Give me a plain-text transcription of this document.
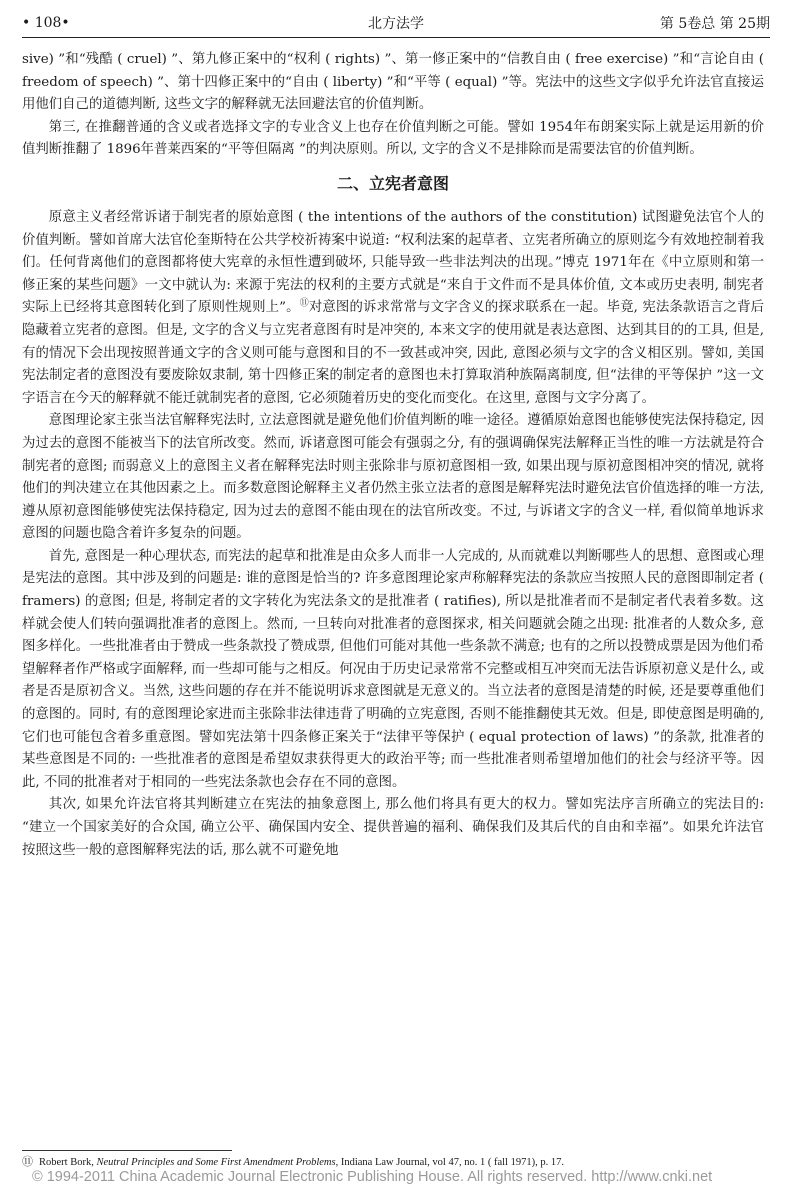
• 108•	北方法学	第 5卷总 第 25期

sive) ”和“残酷 ( cruel) ”、第九修正案中的“权利 ( rights) ”、第一修正案中的“信教自由 ( free exercise) ”和“言论自由 ( freedom of speech) ”、第十四修正案中的“自由 ( liberty) ”和“平等 ( equal) ”等。宪法中的这些文字似乎允许法官直接运用他们自己的道德判断, 这些文字的解释就无法回避法官的价值判断。

第三, 在推翻普通的含义或者选择文字的专业含义上也存在价值判断之可能。譬如 1954年布朗案实际上就是运用新的价值判断推翻了 1896年普莱西案的“平等但隔离 ”的判决原则。所以, 文字的含义不是排除而是需要法官的价值判断。

二、立宪者意图

原意主义者经常诉诸于制宪者的原始意图 ( the intentions of the authors of the constitution) 试图避免法官个人的价值判断。譬如首席大法官伦奎斯特在公共学校祈祷案中说道: “权利法案的起草者、立宪者所确立的原则迄今有效地控制着我们。任何背离他们的意图都将使大宪章的永恒性遭到破坏, 只能导致一些非法判决的出现。”博克 1971年在《中立原则和第一修正案的某些问题》一文中就认为: 来源于宪法的权利的主要方式就是“来自于文件而不是具体价值, 文本或历史表明, 制宪者实际上已经将其意图转化到了原则性规则上”。⑪对意图的诉求常常与文字含义的探求联系在一起。毕竟, 宪法条款语言之背后隐藏着立宪者的意图。但是, 文字的含义与立宪者意图有时是冲突的, 本来文字的使用就是表达意图、达到其目的的工具, 但是, 有的情况下会出现按照普通文字的含义则可能与意图和目的不一致甚或冲突, 因此, 意图必须与文字的含义相区别。譬如, 美国宪法制定者的意图没有要废除奴隶制, 第十四修正案的制定者的意图也未打算取消种族隔离制度, 但“法律的平等保护 ”这一文字语言在今天的解释就不能迁就制宪者的意图, 它必须随着历史的变化而变化。在这里, 意图与文字分离了。

意图理论家主张当法官解释宪法时, 立法意图就是避免他们价值判断的唯一途径。遵循原始意图也能够使宪法保持稳定, 因为过去的意图不能被当下的法官所改变。然而, 诉诸意图可能会有强弱之分, 有的强调确保宪法解释正当性的唯一方法就是符合制宪者的意图; 而弱意义上的意图主义者在解释宪法时则主张除非与原初意图相一致, 如果出现与原初意图相冲突的情况, 就将他们的判决建立在其他因素之上。而多数意图论解释主义者仍然主张立法者的意图是解释宪法时避免法官价值选择的唯一方法, 遵从原初意图能够使宪法保持稳定, 因为过去的意图不能由现在的法官所改变。不过, 与诉诸文字的含义一样, 看似简单地诉求意图的问题也隐含着许多复杂的问题。

首先, 意图是一种心理状态, 而宪法的起草和批准是由众多人而非一人完成的, 从而就难以判断哪些人的思想、意图或心理是宪法的意图。其中涉及到的问题是: 谁的意图是恰当的? 许多意图理论家声称解释宪法的条款应当按照人民的意图即制定者 ( framers) 的意图; 但是, 将制定者的文字转化为宪法条文的是批准者 ( ratifies), 所以是批准者而不是制定者代表着多数。这样就会使人们转向强调批准者的意图上。然而, 一旦转向对批准者的意图探求, 相关问题就会随之出现: 批准者的人数众多, 意图多样化。一些批准者由于赞成一些条款投了赞成票, 但他们可能对其他一些条款不满意; 也有的之所以投赞成票是因为他们希望解释者作严格或字面解释, 而一些却可能与之相反。何况由于历史记录常常不完整或相互冲突而无法告诉原初意义是什么, 或者是否是原初含义。当然, 这些问题的存在并不能说明诉求意图就是无意义的。当立法者的意图是清楚的时候, 还是要尊重他们的意图的。同时, 有的意图理论家进而主张除非法律违背了明确的立宪意图, 否则不能推翻使其无效。但是, 即使意图是明确的, 它们也可能包含着多重意图。譬如宪法第十四条修正案关于“法律平等保护 ( equal protection of laws) ”的条款, 批准者的某些意图是不同的: 一些批准者的意图是希望奴隶获得更大的政治平等; 而一些批准者则希望增加他们的社会与经济平等。因此, 不同的批准者对于相同的一些宪法条款也会存在不同的意图。

其次, 如果允许法官将其判断建立在宪法的抽象意图上, 那么他们将具有更大的权力。譬如宪法序言所确立的宪法目的: “建立一个国家美好的合众国, 确立公平、确保国内安全、提供普遍的福利、确保我们及其后代的自由和幸福”。如果允许法官按照这些一般的意图解释宪法的话, 那么就不可避免地

⑪ Robert Bork, Neutral Principles and Some First Amendment Problems, Indiana Law Journal, vol 47, no. 1 ( fall 1971), p. 17.
© 1994-2011 China Academic Journal Electronic Publishing House. All rights reserved. http://www.cnki.net
